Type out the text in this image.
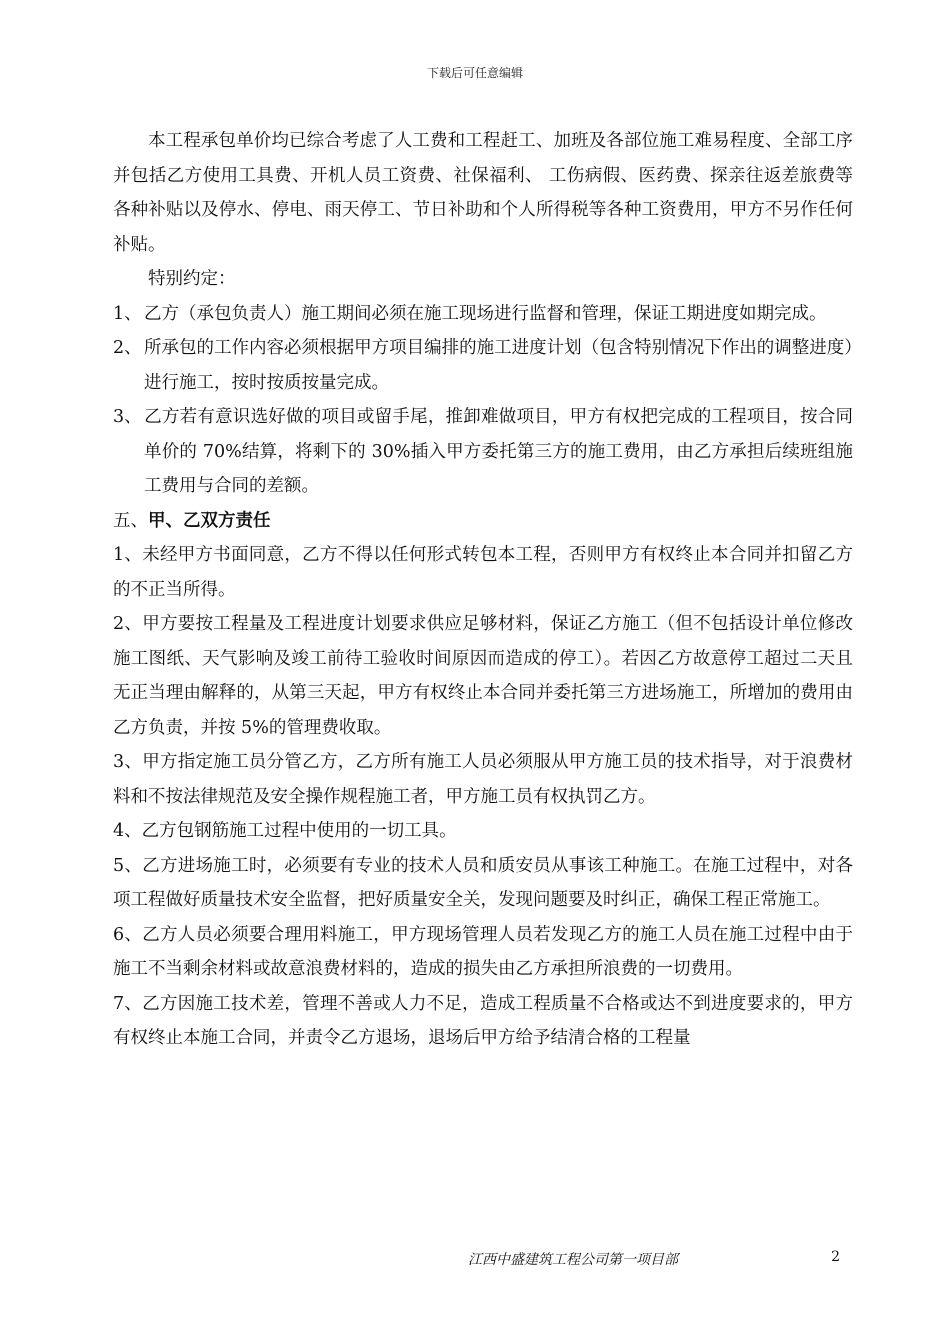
下载后可任意编辑

本工程承包单价均已综合考虑了人工费和工程赶工、加班及各部位施工难易程度、全部工序并包括乙方使用工具费、开机人员工资费、社保福利、 工伤病假、医药费、探亲往返差旅费等各种补贴以及停水、停电、雨天停工、节日补助和个人所得税等各种工资费用，甲方不另作任何补贴。

特别约定：

1、 乙方（承包负责人）施工期间必须在施工现场进行监督和管理，保证工期进度如期完成。

2、 所承包的工作内容必须根据甲方项目编排的施工进度计划（包含特别情况下作出的调整进度）进行施工，按时按质按量完成。

3、 乙方若有意识选好做的项目或留手尾，推卸难做项目，甲方有权把完成的工程项目，按合同单价的 70%结算，将剩下的 30%插入甲方委托第三方的施工费用，由乙方承担后续班组施工费用与合同的差额。

五、甲、乙双方责任

1、未经甲方书面同意，乙方不得以任何形式转包本工程，否则甲方有权终止本合同并扣留乙方的不正当所得。

2、甲方要按工程量及工程进度计划要求供应足够材料，保证乙方施工（但不包括设计单位修改施工图纸、天气影响及竣工前待工验收时间原因而造成的停工）。若因乙方故意停工超过二天且无正当理由解释的，从第三天起，甲方有权终止本合同并委托第三方进场施工，所增加的费用由乙方负责，并按 5%的管理费收取。

3、甲方指定施工员分管乙方，乙方所有施工人员必须服从甲方施工员的技术指导，对于浪费材料和不按法律规范及安全操作规程施工者，甲方施工员有权执罚乙方。

4、乙方包钢筋施工过程中使用的一切工具。

5、乙方进场施工时，必须要有专业的技术人员和质安员从事该工种施工。在施工过程中，对各项工程做好质量技术安全监督，把好质量安全关，发现问题要及时纠正，确保工程正常施工。

6、乙方人员必须要合理用料施工，甲方现场管理人员若发现乙方的施工人员在施工过程中由于施工不当剩余材料或故意浪费材料的，造成的损失由乙方承担所浪费的一切费用。

7、乙方因施工技术差，管理不善或人力不足，造成工程质量不合格或达不到进度要求的，甲方有权终止本施工合同，并责令乙方退场，退场后甲方给予结清合格的工程量

江西中盛建筑工程公司第一项目部	2
